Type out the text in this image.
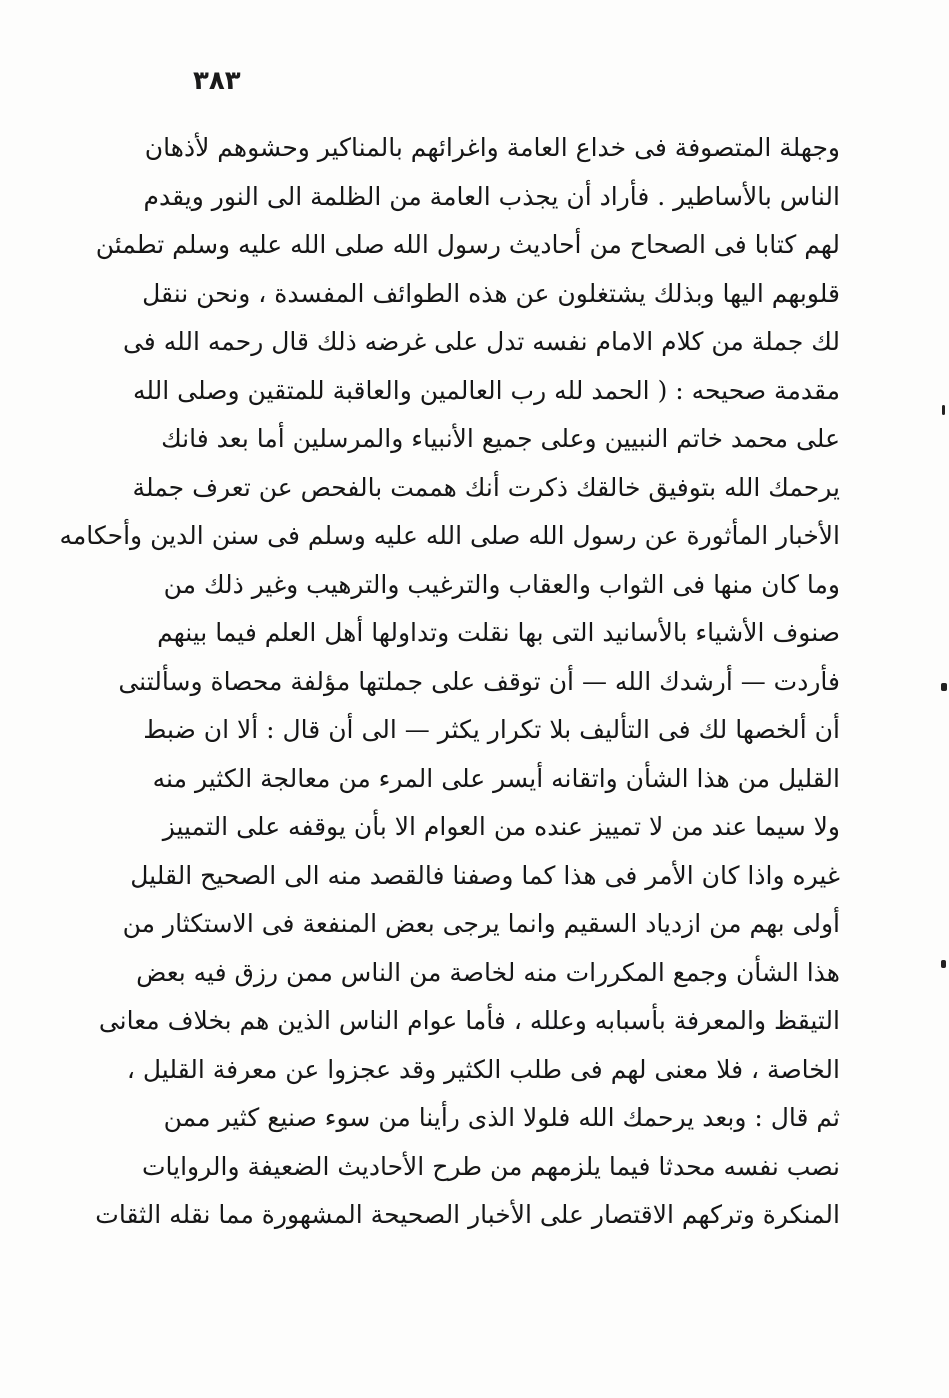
٣٨٣
وجهلة المتصوفة فى خداع العامة واغرائهم بالمناكير وحشوهم لأذهان
الناس بالأساطير . فأراد أن يجذب العامة من الظلمة الى النور ويقدم
لهم كتابا فى الصحاح من أحاديث رسول الله صلى الله عليه وسلم تطمئن
قلوبهم اليها وبذلك يشتغلون عن هذه الطوائف المفسدة ، ونحن ننقل
لك جملة من كلام الامام نفسه تدل على غرضه ذلك قال رحمه الله فى
مقدمة صحيحه : ( الحمد لله رب العالمين والعاقبة للمتقين وصلى الله
على محمد خاتم النبيين وعلى جميع الأنبياء والمرسلين أما بعد فانك
يرحمك الله بتوفيق خالقك ذكرت أنك هممت بالفحص عن تعرف جملة
الأخبار المأثورة عن رسول الله صلى الله عليه وسلم فى سنن الدين وأحكامه
وما كان منها فى الثواب والعقاب والترغيب والترهيب وغير ذلك من
صنوف الأشياء بالأسانيد التى بها نقلت وتداولها أهل العلم فيما بينهم
فأردت — أرشدك الله — أن توقف على جملتها مؤلفة محصاة وسألتنى
أن ألخصها لك فى التأليف بلا تكرار يكثر — الى أن قال : ألا ان ضبط
القليل من هذا الشأن واتقانه أيسر على المرء من معالجة الكثير منه
ولا سيما عند من لا تمييز عنده من العوام الا بأن يوقفه على التمييز
غيره واذا كان الأمر فى هذا كما وصفنا فالقصد منه الى الصحيح القليل
أولى بهم من ازدياد السقيم وانما يرجى بعض المنفعة فى الاستكثار من
هذا الشأن وجمع المكررات منه لخاصة من الناس ممن رزق فيه بعض
التيقظ والمعرفة بأسبابه وعلله ، فأما عوام الناس الذين هم بخلاف معانى
الخاصة ، فلا معنى لهم فى طلب الكثير وقد عجزوا عن معرفة القليل ،
ثم قال : وبعد يرحمك الله فلولا الذى رأينا من سوء صنيع كثير ممن
نصب نفسه محدثا فيما يلزمهم من طرح الأحاديث الضعيفة والروايات
المنكرة وتركهم الاقتصار على الأخبار الصحيحة المشهورة مما نقله الثقات
